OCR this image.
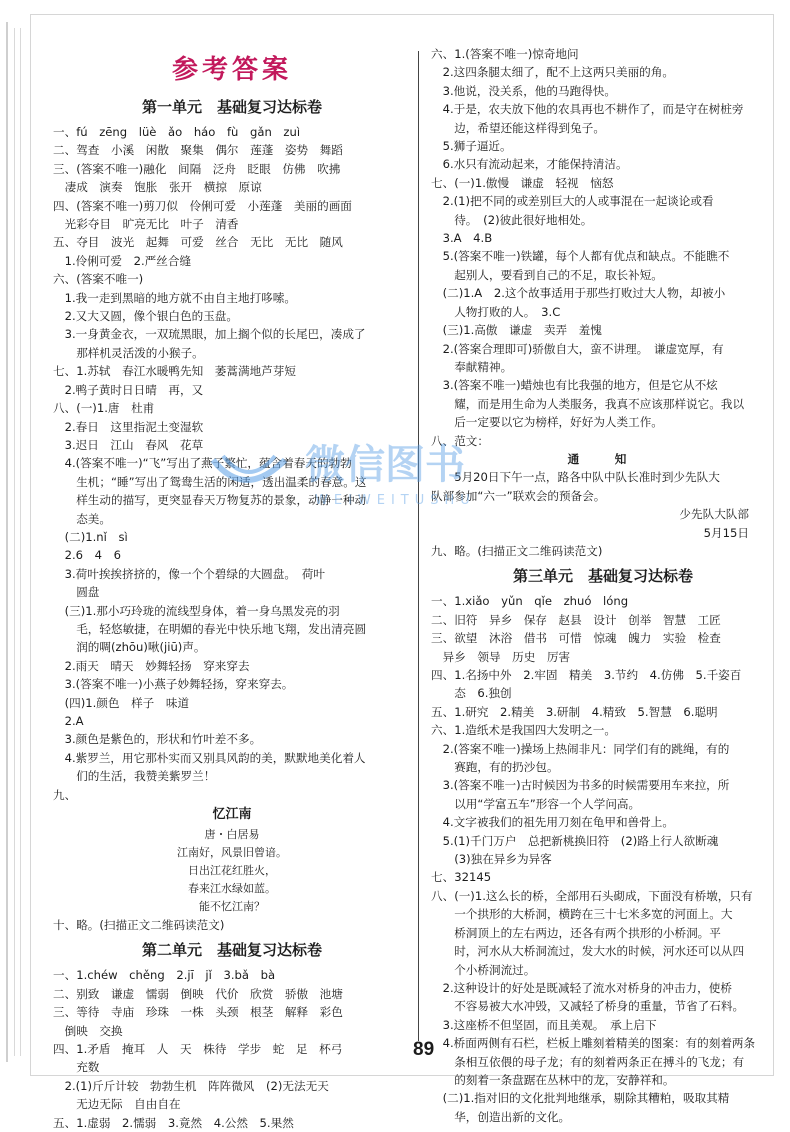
参考答案
第一单元　基础复习达标卷
一、fú　zēng　lüè　ǎo　háo　fù　gǎn　zuì
二、驾查　小溪　闲散　聚集　偶尔　莲蓬　姿势　舞蹈
三、(答案不唯一)融化　间隔　泛舟　眨眼　仿佛　吹拂
　凄成　演奏　饱胀　张开　横掠　原谅
四、(答案不唯一)剪刀似　伶俐可爱　小莲蓬　美丽的画面
　光彩夺目　旷亮无比　叶子　清香
五、夺目　波光　起舞　可爱　丝合　无比　无比　随风
　1.伶俐可爱　2.严丝合缝
六、(答案不唯一)
　1.我一走到黑暗的地方就不由自主地打哆嗦。
　2.又大又圆，像个银白色的玉盘。
　3.一身黄金衣，一双琉黑眼，加上搁个似的长尾巴，凑成了
　　那样机灵活泼的小猴子。
七、1.苏轼　春江水暖鸭先知　萎蒿满地芦芽短
　2.鸭子黄时日日晴　再，又
八、(一)1.唐　杜甫
　2.春日　这里指泥土变湿软
　3.迟日　江山　春风　花草
　4.(答案不唯一)“飞”写出了燕子繁忙，蕴含着春天的勃勃
　　生机；“睡”写出了鸳鸯生活的闲适，透出温柔的春意。这
　　样生动的描写，更突显春天万物复苏的景象，动静一种动
　　态美。
　(二)1.nǐ　sì
　2.6　4　6
　3.荷叶挨挨挤挤的，像一个个碧绿的大圆盘。　荷叶
　　圆盘
　(三)1.那小巧玲珑的流线型身体，着一身乌黑发亮的羽
　　毛，轻悠敏捷，在明媚的春光中快乐地飞翔，发出清亮圆
　　润的啁(zhōu)啾(jiū)声。
　2.雨天　晴天　妙舞轻扬　穿来穿去
　3.(答案不唯一)小燕子妙舞轻扬，穿来穿去。
　(四)1.颜色　样子　味道
　2.A
　3.颜色是紫色的，形状和竹叶差不多。
　4.紫罗兰，用它那朴实而又别具风韵的美，默默地美化着人
　　们的生活，我赞美紫罗兰！
九、
忆江南
唐・白居易
江南好，风景旧曾谙。
日出江花红胜火，
春来江水绿如蓝。
能不忆江南？
十、略。(扫描正文二维码读范文)
第二单元　基础复习达标卷
一、1.chéw　chěng　2.jī　jǐ　3.bǎ　bà
二、别致　谦虚　懦弱　倒映　代价　欣赏　骄傲　池塘
三、等待　寺庙　珍珠　一株　头颈　根茎　解释　彩色
　倒映　交换
四、1.矛盾　掩耳　人　天　株待　学步　蛇　足　杯弓
　　充数
　2.(1)斤斤计较　勃勃生机　阵阵微风　(2)无法无天
　　无边无际　自由自在
五、1.虚弱　2.懦弱　3.竟然　4.公然　5.果然
六、1.(答案不唯一)惊奇地问
　2.这四条腿太细了，配不上这两只美丽的角。
　3.他说，没关系，他的马跑得快。
　4.于是，农夫放下他的农具再也不耕作了，而是守在树桩旁
　　边，希望还能这样得到兔子。
　5.狮子逼近。
　6.水只有流动起来，才能保持清洁。
七、(一)1.傲慢　谦虚　轻视　恼怒
　2.(1)把不同的或差别巨大的人或事混在一起谈论或看
　　待。　(2)彼此很好地相处。
　3.A　4.B
　5.(答案不唯一)铁罐，每个人都有优点和缺点。不能瞧不
　　起别人，要看到自己的不足，取长补短。
　(二)1.A　2.这个故事适用于那些打败过大人物，却被小
　　人物打败的人。　3.C
　(三)1.高傲　谦虚　卖弄　羞愧
　2.(答案合理即可)骄傲自大，蛮不讲理。　谦虚宽厚，有
　　奉献精神。
　3.(答案不唯一)蜡烛也有比我强的地方，但是它从不炫
　　耀，而是用生命为人类服务，我真不应该那样说它。我以
　　后一定要以它为榜样，好好为人类工作。
八、范文：
通　知
　　5月20日下午一点，路各中队中队长准时到少先队大
队部参加“六一”联欢会的预备会。
少先队大队部
5月15日
九、略。(扫描正文二维码读范文)
第三单元　基础复习达标卷
一、1.xiǎo　yǔn　qǐe　zhuó　lóng
二、旧符　异乡　保存　赵县　设计　创举　智慧　工匠
三、欲望　沐浴　借书　可惜　惊魂　魄力　实验　检查
　异乡　领导　历史　厉害
四、1.名扬中外　2.牢固　精美　3.节约　4.仿佛　5.千姿百
　　态　6.独创
五、1.研究　2.精美　3.研制　4.精致　5.智慧　6.聪明
六、1.造纸术是我国四大发明之一。
　2.(答案不唯一)操场上热闹非凡：同学们有的跳绳，有的
　　赛跑，有的扔沙包。
　3.(答案不唯一)古时候因为书多的时候需要用车来拉，所
　　以用“学富五车”形容一个人学问高。
　4.文字被我们的祖先用刀刻在龟甲和兽骨上。
　5.(1)千门万户　总把新桃换旧符　(2)路上行人欲断魂
　　(3)独在异乡为异客
七、32145
八、(一)1.这么长的桥，全部用石头砌成，下面没有桥墩，只有
　　一个拱形的大桥洞，横跨在三十七米多宽的河面上。大
　　桥洞顶上的左右两边，还各有两个拱形的小桥洞。平
　　时，河水从大桥洞流过，发大水的时候，河水还可以从四
　　个小桥洞流过。
　2.这种设计的好处是既减轻了流水对桥身的冲击力，使桥
　　不容易被大水冲毁，又减轻了桥身的重量，节省了石料。
　3.这座桥不但坚固，而且美观。　承上启下
　4.桥面两侧有石栏，栏板上雕刻着精美的图案：有的刻着两条
　　条相互依偎的母子龙；有的刻着两条正在搏斗的飞龙；有
　　的刻着一条盘踞在丛林中的龙，安静祥和。
　(二)1.指对旧的文化批判地继承，剔除其糟粕，吸取其精
　　华，创造出新的文化。
89
微信图书
WEIWEITUSHU
